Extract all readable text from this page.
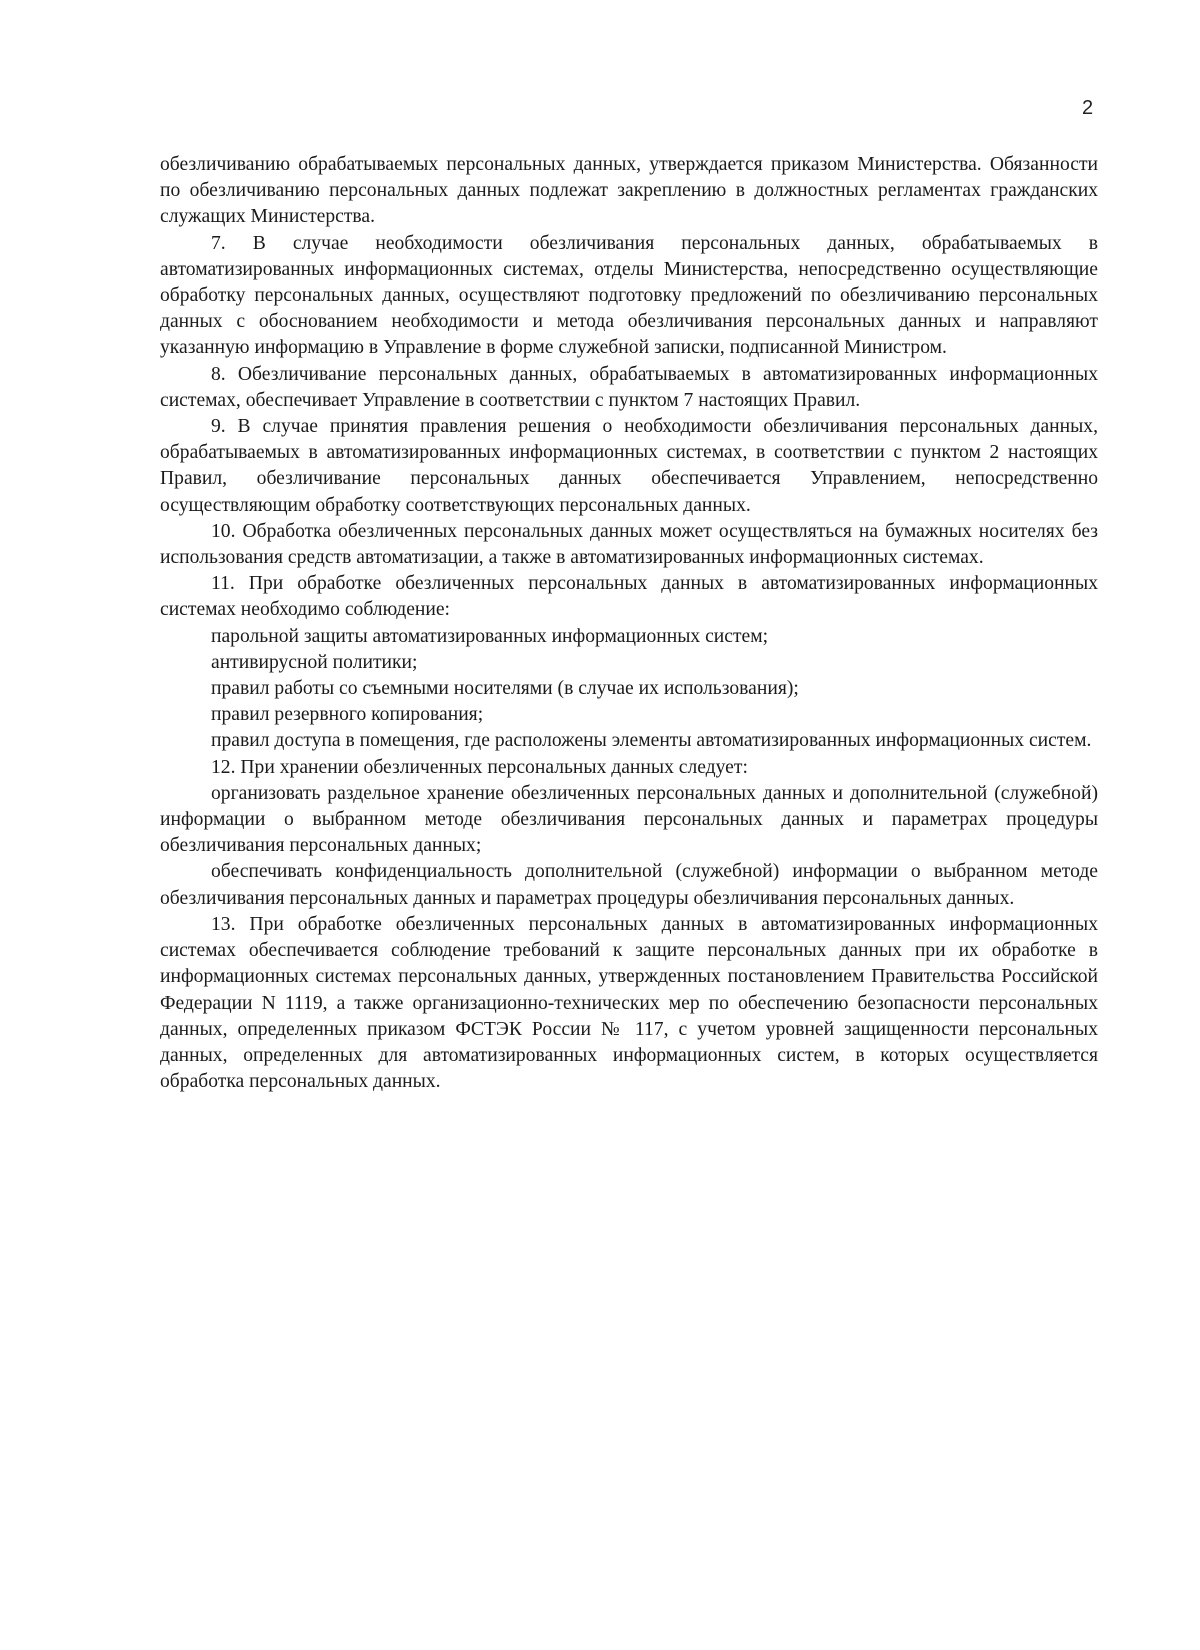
2

обезличиванию обрабатываемых персональных данных, утверждается приказом Министерства. Обязанности по обезличиванию персональных данных подлежат закреплению в должностных регламентах гражданских служащих Министерства.

7. В случае необходимости обезличивания персональных данных, обрабатываемых в автоматизированных информационных системах, отделы Министерства, непосредственно осуществляющие обработку персональных данных, осуществляют подготовку предложений по обезличиванию персональных данных с обоснованием необходимости и метода обезличивания персональных данных и направляют указанную информацию в Управление в форме служебной записки, подписанной Министром.

8. Обезличивание персональных данных, обрабатываемых в автоматизированных информационных системах, обеспечивает Управление в соответствии с пунктом 7 настоящих Правил.

9. В случае принятия правления решения о необходимости обезличивания персональных данных, обрабатываемых в автоматизированных информационных системах, в соответствии с пунктом 2 настоящих Правил, обезличивание персональных данных обеспечивается Управлением, непосредственно осуществляющим обработку соответствующих персональных данных.

10. Обработка обезличенных персональных данных может осуществляться на бумажных носителях без использования средств автоматизации, а также в автоматизированных информационных системах.

11. При обработке обезличенных персональных данных в автоматизированных информационных системах необходимо соблюдение:

парольной защиты автоматизированных информационных систем;

антивирусной политики;

правил работы со съемными носителями (в случае их использования);

правил резервного копирования;

правил доступа в помещения, где расположены элементы автоматизированных информационных систем.

12. При хранении обезличенных персональных данных следует:

организовать раздельное хранение обезличенных персональных данных и дополнительной (служебной) информации о выбранном методе обезличивания персональных данных и параметрах процедуры обезличивания персональных данных;

обеспечивать конфиденциальность дополнительной (служебной) информации о выбранном методе обезличивания персональных данных и параметрах процедуры обезличивания персональных данных.

13. При обработке обезличенных персональных данных в автоматизированных информационных системах обеспечивается соблюдение требований к защите персональных данных при их обработке в информационных системах персональных данных, утвержденных постановлением Правительства Российской Федерации N 1119, а также организационно-технических мер по обеспечению безопасности персональных данных, определенных приказом ФСТЭК России № 117, с учетом уровней защищенности персональных данных, определенных для автоматизированных информационных систем, в которых осуществляется обработка персональных данных.
